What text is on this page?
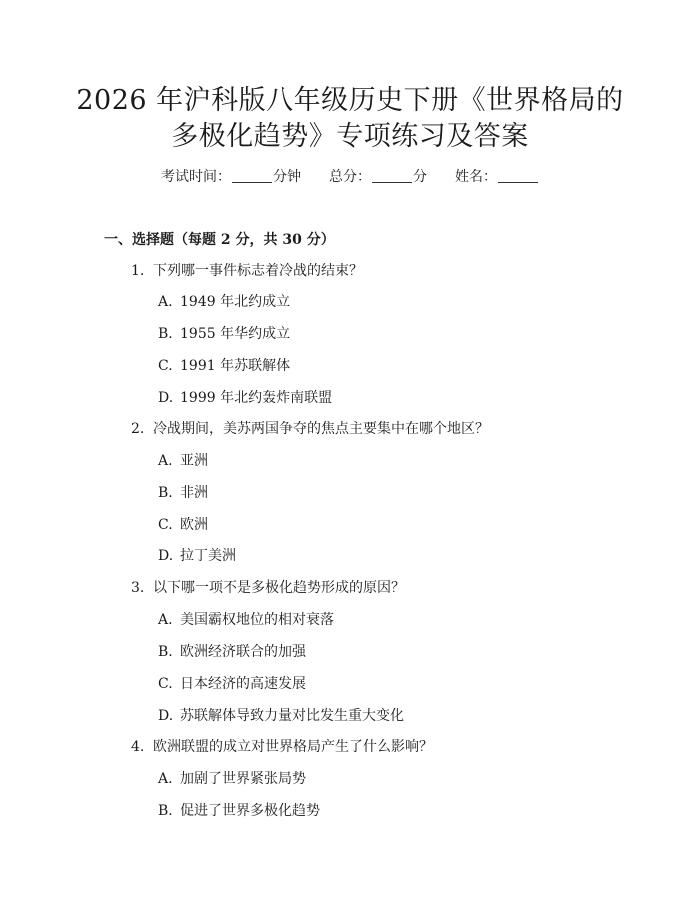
2026 年沪科版八年级历史下册《世界格局的
多极化趋势》专项练习及答案
考试时间：	分钟 总分：	分 姓名：
一、选择题（每题 2 分，共 30 分）
1. 下列哪一事件标志着冷战的结束？
A. 1949 年北约成立
B. 1955 年华约成立
C. 1991 年苏联解体
D. 1999 年北约轰炸南联盟
2. 冷战期间，美苏两国争夺的焦点主要集中在哪个地区？
A. 亚洲
B. 非洲
C. 欧洲
D. 拉丁美洲
3. 以下哪一项不是多极化趋势形成的原因？
A. 美国霸权地位的相对衰落
B. 欧洲经济联合的加强
C. 日本经济的高速发展
D. 苏联解体导致力量对比发生重大变化
4. 欧洲联盟的成立对世界格局产生了什么影响？
A. 加剧了世界紧张局势
B. 促进了世界多极化趋势
